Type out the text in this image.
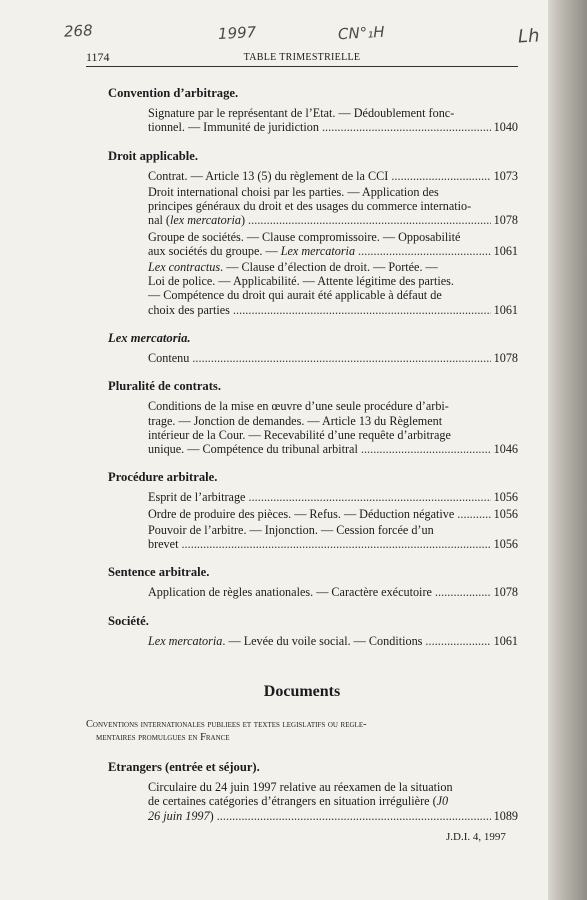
268	1997	CN°₁H	Lh
1174	TABLE TRIMESTRIELLE
Convention d’arbitrage.
Signature par le représentant de l’Etat. — Dédoublement fonc-
tionnel. — Immunité de juridiction . . .	1040
Droit applicable.
Contrat. — Article 13 (5) du règlement de la CCI . . .	1073
Droit international choisi par les parties. — Application des
principes généraux du droit et des usages du commerce internatio-
nal (lex mercatoria) . . .	1078
Groupe de sociétés. — Clause compromissoire. — Opposabilité
aux sociétés du groupe. — Lex mercatoria . . .	1061
Lex contractus. — Clause d’élection de droit. — Portée. —
Loi de police. — Applicabilité. — Attente légitime des parties.
— Compétence du droit qui aurait été applicable à défaut de
choix des parties . . .	1061
Lex mercatoria.
Contenu . . .	1078
Pluralité de contrats.
Conditions de la mise en œuvre d’une seule procédure d’arbi-
trage. — Jonction de demandes. — Article 13 du Règlement
intérieur de la Cour. — Recevabilité d’une requête d’arbitrage
unique. — Compétence du tribunal arbitral . . .	1046
Procédure arbitrale.
Esprit de l’arbitrage . . .	1056
Ordre de produire des pièces. — Refus. — Déduction négative . . .	1056
Pouvoir de l’arbitre. — Injonction. — Cession forcée d’un
brevet . . .	1056
Sentence arbitrale.
Application de règles anationales. — Caractère exécutoire . . .	1078
Société.
Lex mercatoria. — Levée du voile social. — Conditions . . .	1061
Documents
Conventions internationales publiees et textes legislatifs ou regle-
mentaires promulgues en France
Etrangers (entrée et séjour).
Circulaire du 24 juin 1997 relative au réexamen de la situation
de certaines catégories d’étrangers en situation irrégulière (J0
26 juin 1997) . . .	1089
J.D.I. 4, 1997
